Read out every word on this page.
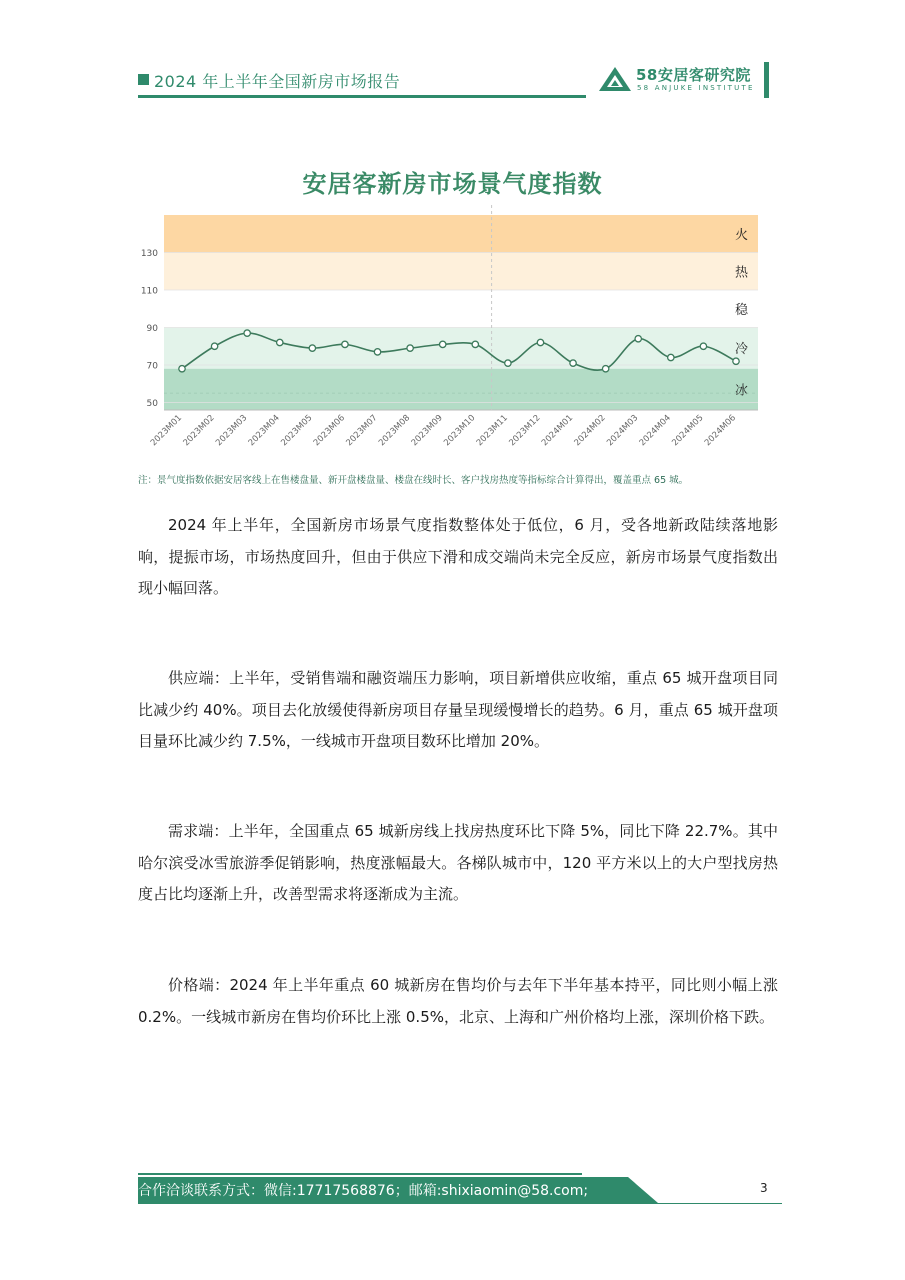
2024 年上半年全国新房市场报告	58安居客研究院
58 ANJUKE INSTITUTE
安居客新房市场景气度指数
火
热
稳
冷
冰
50
70
90
110
130
2023M01
2023M02
2023M03
2023M04
2023M05
2023M06
2023M07
2023M08
2023M09
2023M10
2023M11
2023M12
2024M01
2024M02
2024M03
2024M04
2024M05
2024M06
注：景气度指数依据安居客线上在售楼盘量、新开盘楼盘量、楼盘在线时长、客户找房热度等指标综合计算得出，覆盖重点 65 城。

2024 年上半年，全国新房市场景气度指数整体处于低位，6 月，受各地新政陆续落地影响，提振市场，市场热度回升，但由于供应下滑和成交端尚未完全反应，新房市场景气度指数出现小幅回落。

供应端：上半年，受销售端和融资端压力影响，项目新增供应收缩，重点 65 城开盘项目同比减少约 40%。项目去化放缓使得新房项目存量呈现缓慢增长的趋势。6 月，重点 65 城开盘项目量环比减少约 7.5%，一线城市开盘项目数环比增加 20%。

需求端：上半年，全国重点 65 城新房线上找房热度环比下降 5%，同比下降 22.7%。其中哈尔滨受冰雪旅游季促销影响，热度涨幅最大。各梯队城市中，120 平方米以上的大户型找房热度占比均逐渐上升，改善型需求将逐渐成为主流。

价格端：2024 年上半年重点 60 城新房在售均价与去年下半年基本持平，同比则小幅上涨 0.2%。一线城市新房在售均价环比上涨 0.5%，北京、上海和广州价格均上涨，深圳价格下跌。

合作洽谈联系方式：微信:17717568876；邮箱:shixiaomin@58.com;	3
